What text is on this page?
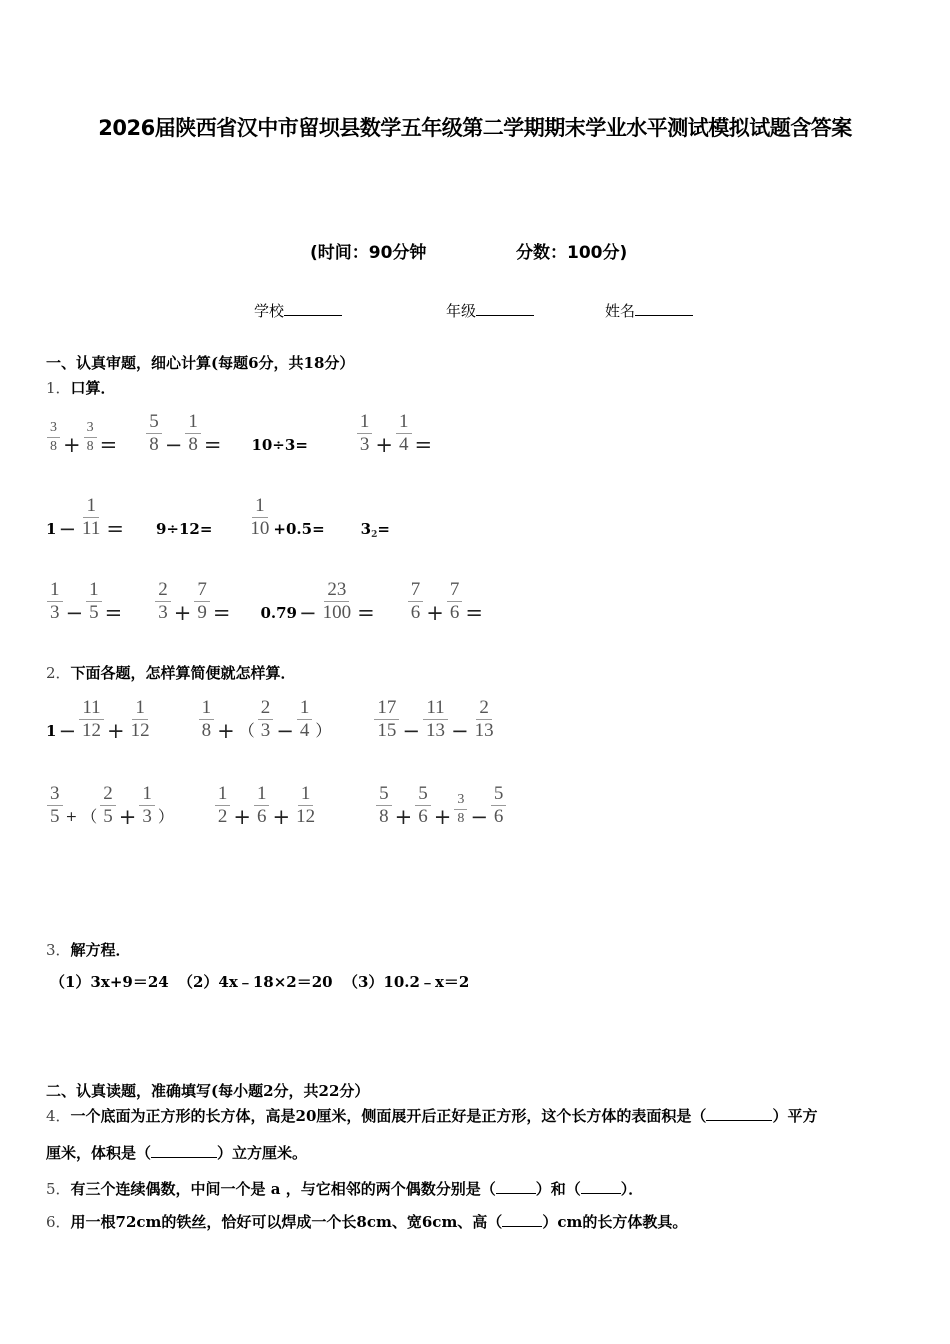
2026届陕西省汉中市留坝县数学五年级第二学期期末学业水平测试模拟试题含答案
(时间：90分钟	分数：100分)
学校	年级	姓名
一、认真审题，细心计算(每题6分，共18分）
1．口算．
$\frac{3}{8} + \frac{3}{8} = \frac{5}{8} - \frac{1}{8} = 10\div 3=$	$\frac{1}{3} + \frac{1}{4}$ =
$1 - \frac{1}{11} = 9\div 12= \frac{1}{10} +0.5= 3_2$ =
$\frac{1}{3} - \frac{1}{5} = \frac{2}{3} + \frac{7}{9} = 0.79 - \frac{23}{100} = \frac{7}{6} + \frac{7}{6}$ =
2．下面各题，怎样算简便就怎样算．
$1 - \frac{11}{12} + \frac{1}{12} \frac{1}{8}$ + （ $\frac{2}{3} - \frac{1}{4}$ ） $\frac{17}{15} - \frac{11}{13} - \frac{2}{13}$
$\frac{3}{5}$ + （ $\frac{2}{5} + \frac{1}{3}$ ） $\frac{1}{2} + \frac{1}{6} + \frac{1}{12}$	$\frac{5}{8} + \frac{5}{6} + \frac{3}{8} - \frac{5}{6}$
3．解方程．
（1）3x+9＝24 （2）4x﹣18×2＝20 （3）10.2﹣x＝2
二、认真读题，准确填写(每小题2分，共22分）
4．一个底面为正方形的长方体，高是20厘米，侧面展开后正好是正方形，这个长方体的表面积是（	）平方
厘米，体积是（	）立方厘米。
5．有三个连续偶数，中间一个是 a ，与它相邻的两个偶数分别是（	）和（	）．
6．用一根72cm的铁丝，恰好可以焊成一个长8cm、宽6cm、高（	）cm的长方体教具。
